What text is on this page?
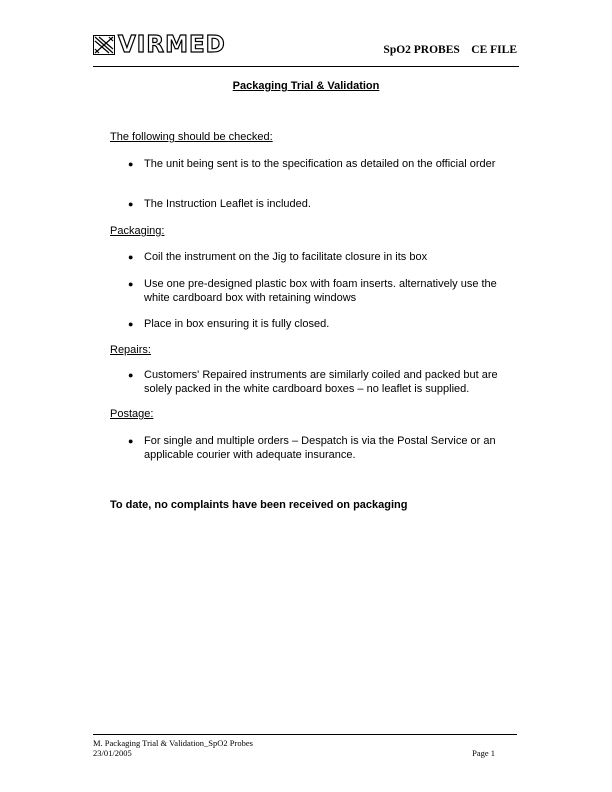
VIRMED	SpO2 PROBES    CE FILE
Packaging Trial & Validation
The following should be checked:
● The unit being sent is to the specification as detailed on the official order
● The Instruction Leaflet is included.
Packaging:
● Coil the instrument on the Jig to facilitate closure in its box
● Use one pre-designed plastic box with foam inserts. alternatively use the white cardboard box with retaining windows
● Place in box ensuring it is fully closed.
Repairs:
● Customers' Repaired instruments are similarly coiled and packed but are solely packed in the white cardboard boxes – no leaflet is supplied.
Postage:
● For single and multiple orders – Despatch is via the Postal Service or an applicable courier with adequate insurance.
To date, no complaints have been received on packaging
M. Packaging Trial & Validation_SpO2 Probes
23/01/2005	Page 1
